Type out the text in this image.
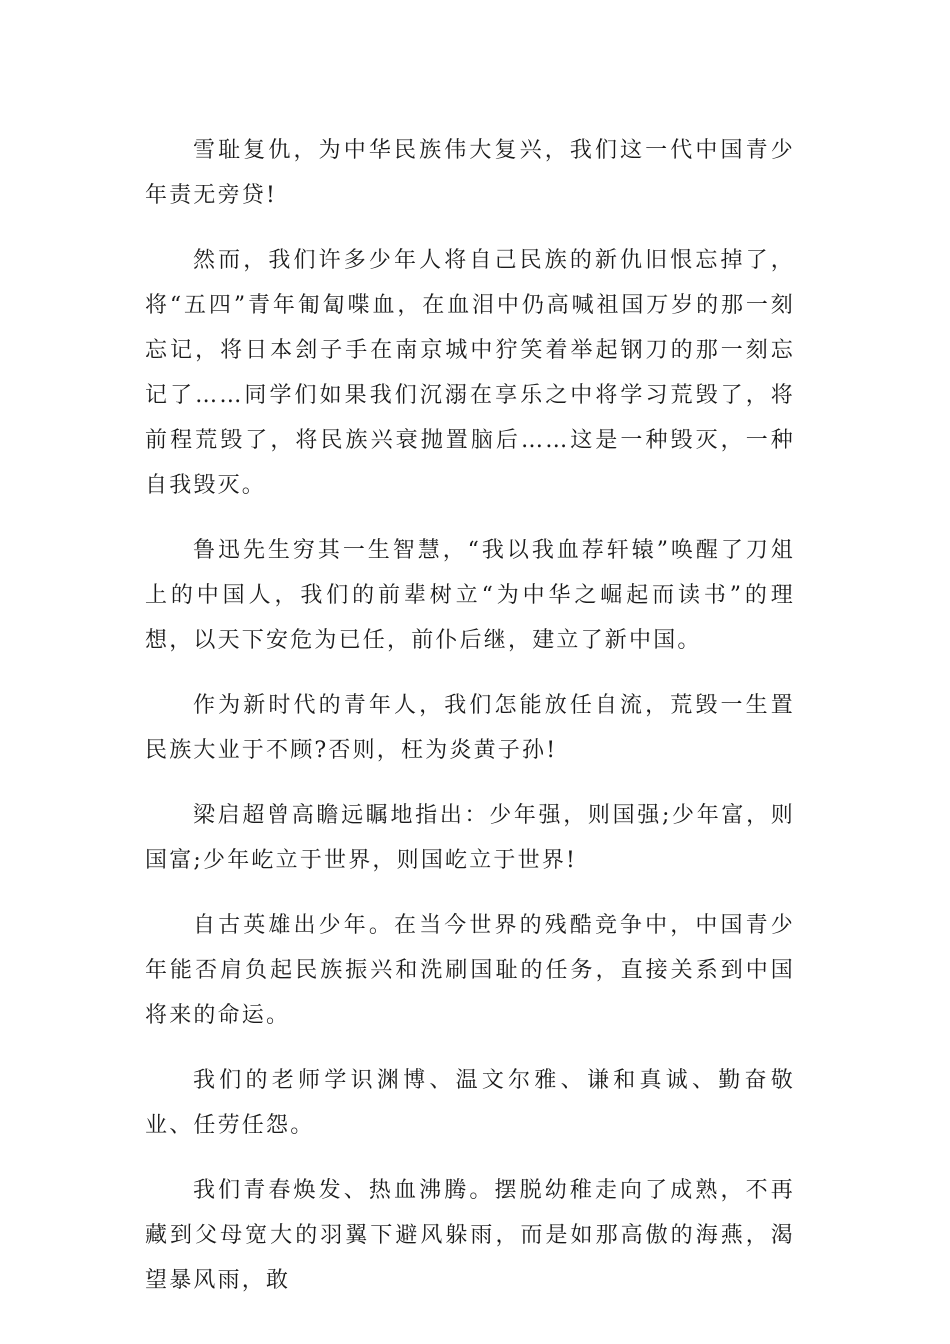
雪耻复仇，为中华民族伟大复兴，我们这一代中国青少年责无旁贷!

然而，我们许多少年人将自己民族的新仇旧恨忘掉了，将“五四”青年匍匐喋血，在血泪中仍高喊祖国万岁的那一刻忘记，将日本刽子手在南京城中狞笑着举起钢刀的那一刻忘记了……同学们如果我们沉溺在享乐之中将学习荒毁了，将前程荒毁了，将民族兴衰抛置脑后……这是一种毁灭，一种自我毁灭。

鲁迅先生穷其一生智慧，“我以我血荐轩辕”唤醒了刀俎上的中国人，我们的前辈树立“为中华之崛起而读书”的理想，以天下安危为已任，前仆后继，建立了新中国。

作为新时代的青年人，我们怎能放任自流，荒毁一生置民族大业于不顾?否则，枉为炎黄子孙!

梁启超曾高瞻远瞩地指出：少年强，则国强;少年富，则国富;少年屹立于世界，则国屹立于世界!

自古英雄出少年。在当今世界的残酷竞争中，中国青少年能否肩负起民族振兴和洗刷国耻的任务，直接关系到中国将来的命运。

我们的老师学识渊博、温文尔雅、谦和真诚、勤奋敬业、任劳任怨。

我们青春焕发、热血沸腾。摆脱幼稚走向了成熟，不再藏到父母宽大的羽翼下避风躲雨，而是如那高傲的海燕，渴望暴风雨，敢
